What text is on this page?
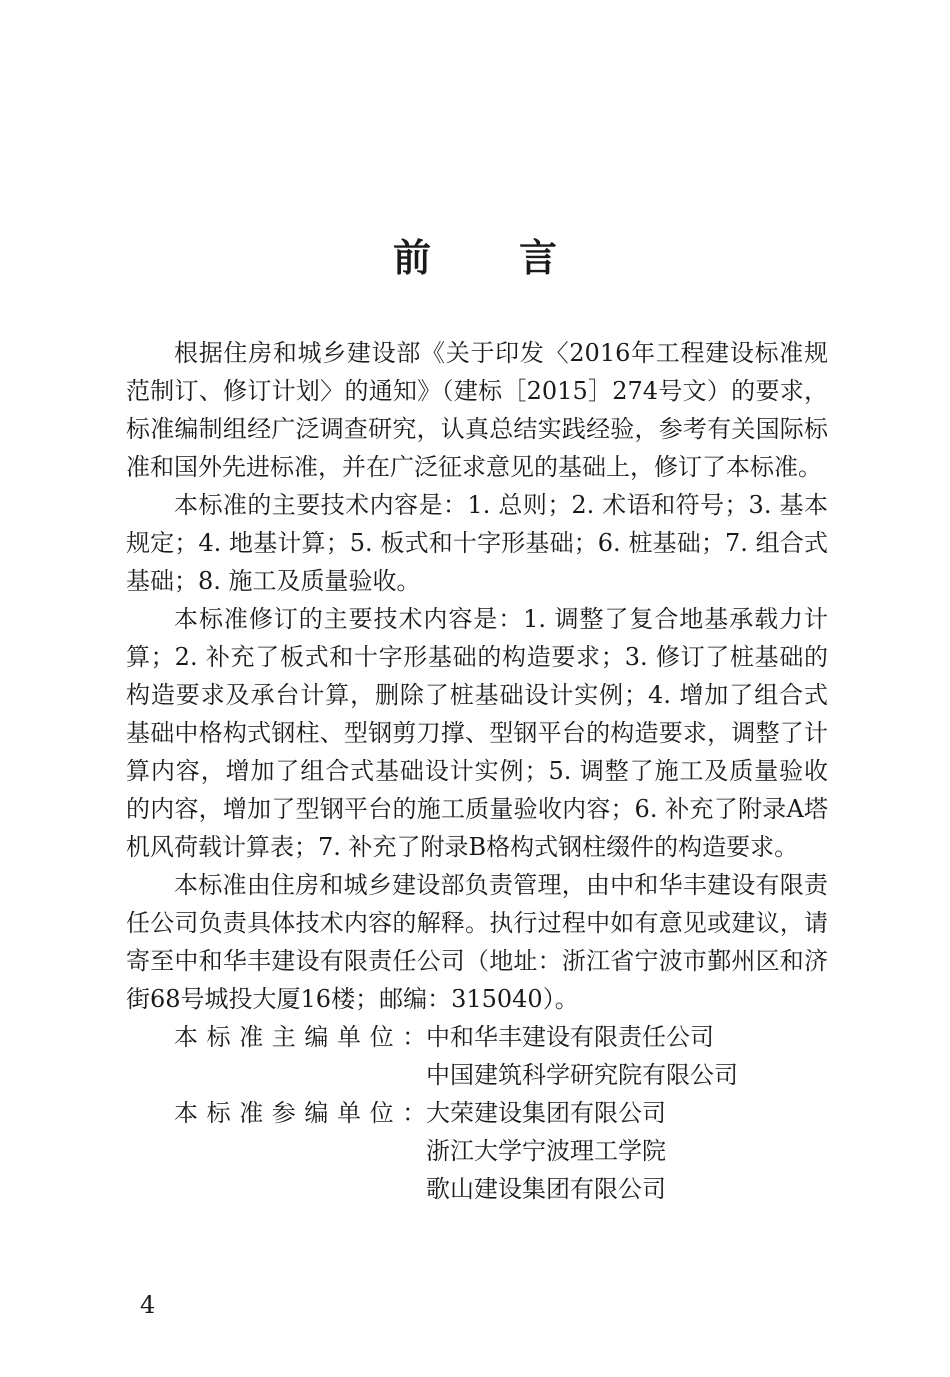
前言

根据住房和城乡建设部《关于印发〈2016年工程建设标准规范制订、修订计划〉的通知》（建标［2015］274号文）的要求，标准编制组经广泛调查研究，认真总结实践经验，参考有关国际标准和国外先进标准，并在广泛征求意见的基础上，修订了本标准。

本标准的主要技术内容是：1. 总则；2. 术语和符号；3. 基本规定；4. 地基计算；5. 板式和十字形基础；6. 桩基础；7. 组合式基础；8. 施工及质量验收。

本标准修订的主要技术内容是：1. 调整了复合地基承载力计算；2. 补充了板式和十字形基础的构造要求；3. 修订了桩基础的构造要求及承台计算，删除了桩基础设计实例；4. 增加了组合式基础中格构式钢柱、型钢剪刀撑、型钢平台的构造要求，调整了计算内容，增加了组合式基础设计实例；5. 调整了施工及质量验收的内容，增加了型钢平台的施工质量验收内容；6. 补充了附录A塔机风荷载计算表；7. 补充了附录B格构式钢柱缀件的构造要求。

本标准由住房和城乡建设部负责管理，由中和华丰建设有限责任公司负责具体技术内容的解释。执行过程中如有意见或建议，请寄至中和华丰建设有限责任公司（地址：浙江省宁波市鄞州区和济街68号城投大厦16楼；邮编：315040）。

本标准主编单位：
中和华丰建设有限责任公司
中国建筑科学研究院有限公司
本标准参编单位：
大荣建设集团有限公司
浙江大学宁波理工学院
歌山建设集团有限公司
4
